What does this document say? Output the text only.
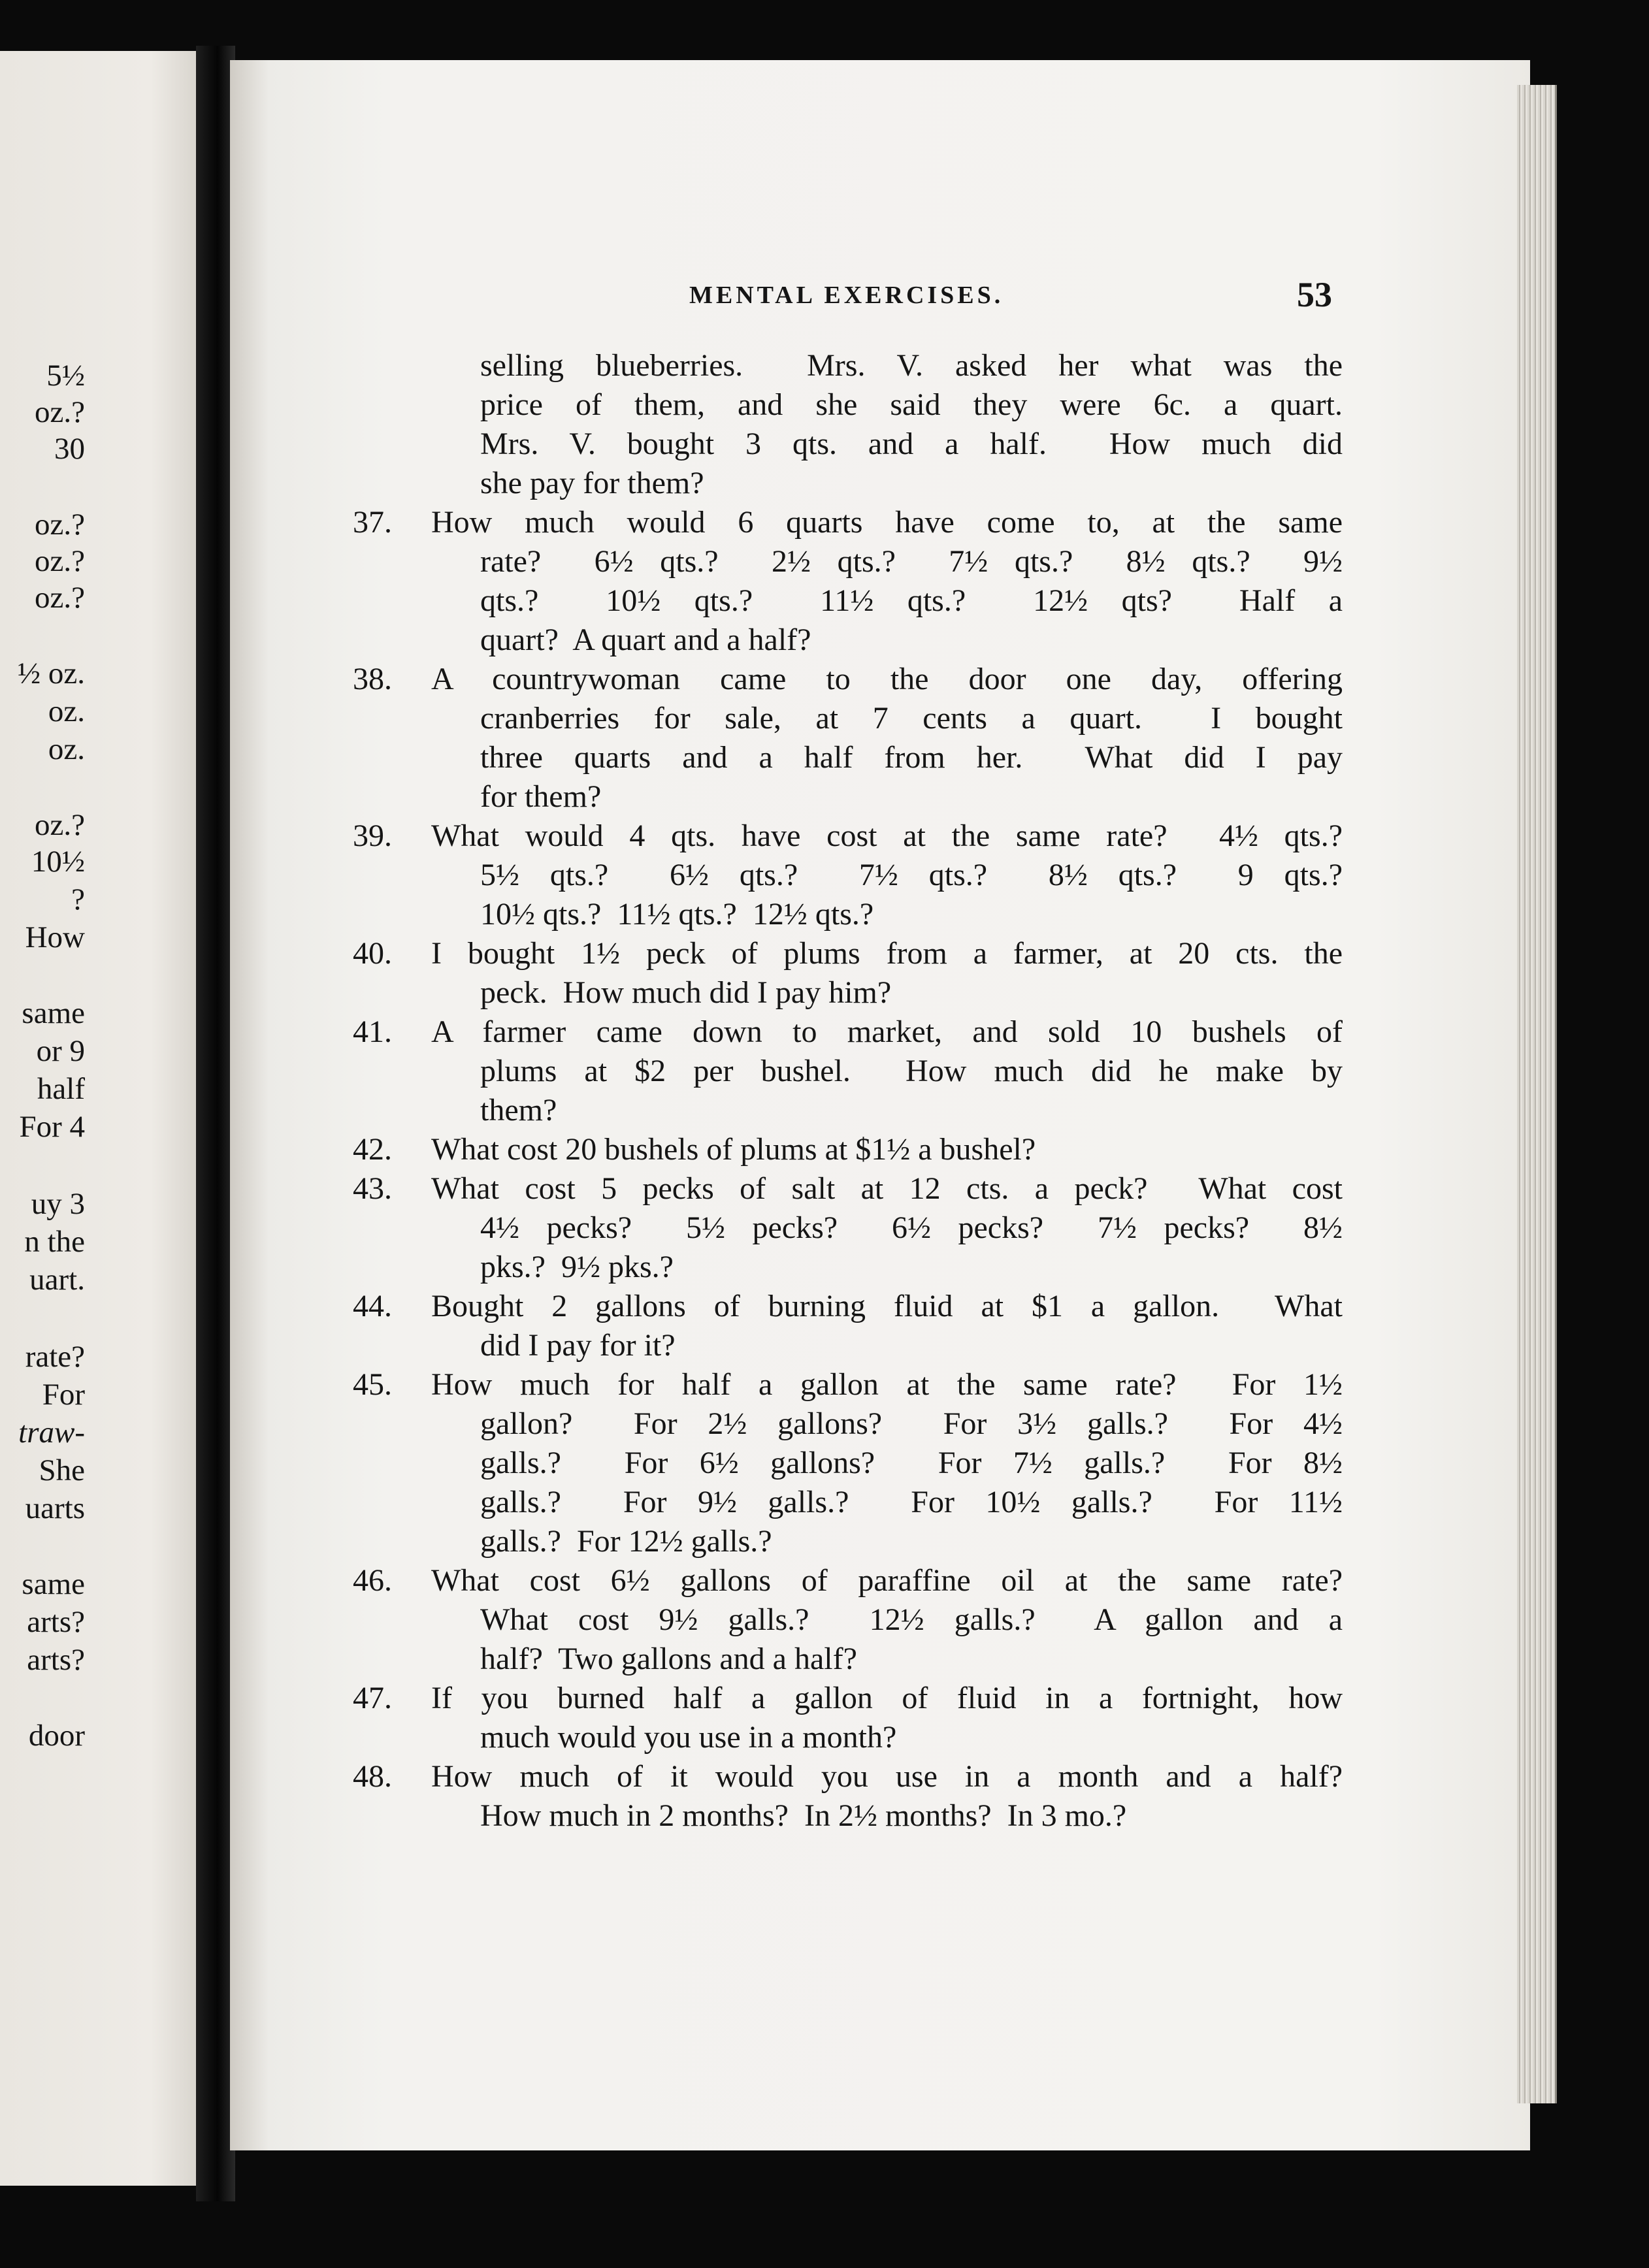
5½
oz.?
30
oz.?
oz.?
oz.?
½ oz.
oz.
oz.
oz.?
10½
?
How
same
or 9
half
For 4
uy 3
n the
uart.
rate?
For
traw-
She
uarts
same
arts?
arts?
door
MENTAL EXERCISES.	53
selling blueberries.  Mrs. V. asked her what was the
price of them, and she said they were 6c. a quart.
Mrs. V. bought 3 qts. and a half.  How much did
she pay for them?
37. How much would 6 quarts have come to, at the same
rate?  6½ qts.?  2½ qts.?  7½ qts.?  8½ qts.?  9½
qts.?  10½ qts.?  11½ qts.?  12½ qts?  Half a
quart?  A quart and a half?
38. A countrywoman came to the door one day, offering
cranberries for sale, at 7 cents a quart.  I bought
three quarts and a half from her.  What did I pay
for them?
39. What would 4 qts. have cost at the same rate?  4½ qts.?
5½ qts.?  6½ qts.?  7½ qts.?  8½ qts.?  9 qts.?
10½ qts.?  11½ qts.?  12½ qts.?
40. I bought 1½ peck of plums from a farmer, at 20 cts. the
peck.  How much did I pay him?
41. A farmer came down to market, and sold 10 bushels of
plums at $2 per bushel.  How much did he make by
them?
42. What cost 20 bushels of plums at $1½ a bushel?
43. What cost 5 pecks of salt at 12 cts. a peck?  What cost
4½ pecks?  5½ pecks?  6½ pecks?  7½ pecks?  8½
pks.?  9½ pks.?
44. Bought 2 gallons of burning fluid at $1 a gallon.  What
did I pay for it?
45. How much for half a gallon at the same rate?  For 1½
gallon?  For 2½ gallons?  For 3½ galls.?  For 4½
galls.?  For 6½ gallons?  For 7½ galls.?  For 8½
galls.?  For 9½ galls.?  For 10½ galls.?  For 11½
galls.?  For 12½ galls.?
46. What cost 6½ gallons of paraffine oil at the same rate?
What cost 9½ galls.?  12½ galls.?  A gallon and a
half?  Two gallons and a half?
47. If you burned half a gallon of fluid in a fortnight, how
much would you use in a month?
48. How much of it would you use in a month and a half?
How much in 2 months?  In 2½ months?  In 3 mo.?
